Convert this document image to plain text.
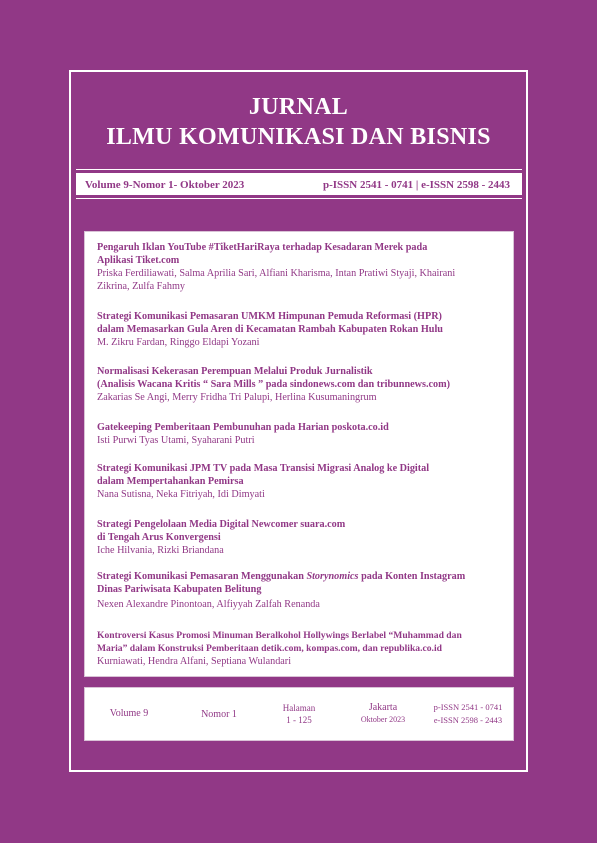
JURNAL
ILMU KOMUNIKASI DAN BISNIS
Volume 9-Nomor 1- Oktober 2023	p-ISSN 2541 - 0741 | e-ISSN 2598 - 2443
Pengaruh Iklan YouTube #TiketHariRaya terhadap Kesadaran Merek pada
Aplikasi Tiket.com
Priska Ferdiliawati, Salma Aprilia Sari, Alfiani Kharisma, Intan Pratiwi Styaji, Khairani
Zikrina, Zulfa Fahmy
Strategi Komunikasi Pemasaran UMKM Himpunan Pemuda Reformasi (HPR)
dalam Memasarkan Gula Aren di Kecamatan Rambah Kabupaten Rokan Hulu
M. Zikru Fardan, Ringgo Eldapi Yozani
Normalisasi Kekerasan Perempuan Melalui Produk Jurnalistik
(Analisis Wacana Kritis “ Sara Mills ” pada sindonews.com dan tribunnews.com)
Zakarias Se Angi, Merry Fridha Tri Palupi, Herlina Kusumaningrum
Gatekeeping Pemberitaan Pembunuhan pada Harian poskota.co.id
Isti Purwi Tyas Utami, Syaharani Putri
Strategi Komunikasi JPM TV pada Masa Transisi Migrasi Analog ke Digital
dalam Mempertahankan Pemirsa
Nana Sutisna, Neka Fitriyah, Idi Dimyati
Strategi Pengelolaan Media Digital Newcomer suara.com
di Tengah Arus Konvergensi
Iche Hilvania, Rizki Briandana
Strategi Komunikasi Pemasaran Menggunakan Storynomics pada Konten Instagram
Dinas Pariwisata Kabupaten Belitung
Nexen Alexandre Pinontoan, Alfiyyah Zalfah Renanda
Kontroversi Kasus Promosi Minuman Beralkohol Hollywings Berlabel “Muhammad dan
Maria” dalam Konstruksi Pemberitaan detik.com, kompas.com, dan republika.co.id
Kurniawati, Hendra Alfani, Septiana Wulandari
Volume 9	Nomor 1
Halaman
1 - 125
Jakarta
Oktober 2023
p-ISSN 2541 - 0741
e-ISSN 2598 - 2443
